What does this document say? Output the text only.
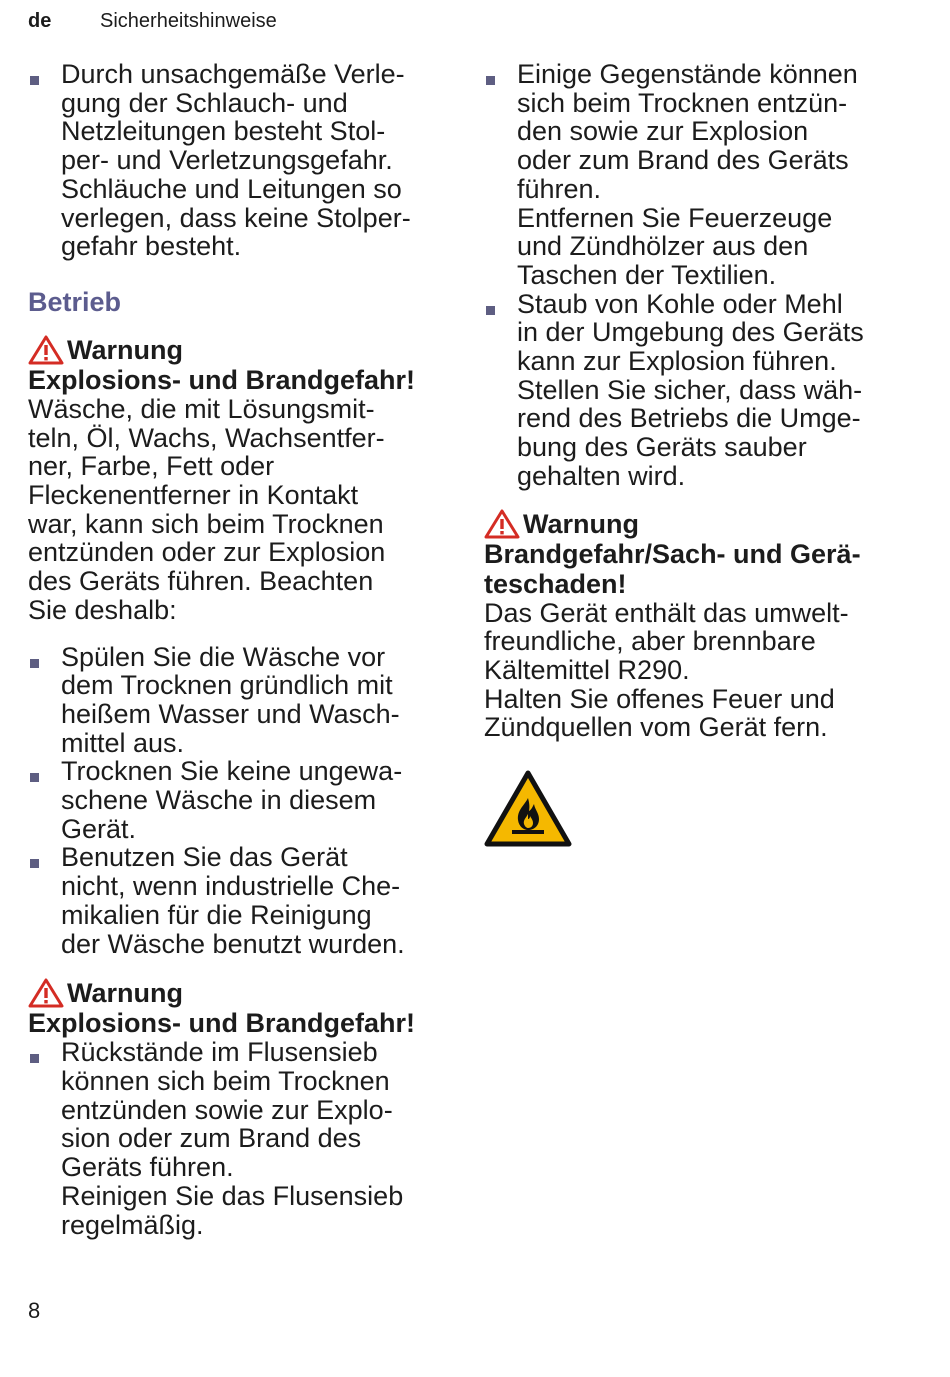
de Sicherheitshinweise
Durch unsachgemäße Verle-
gung der Schlauch- und
Netzleitungen besteht Stol-
per- und Verletzungsgefahr.
Schläuche und Leitungen so
verlegen, dass keine Stolper-
gefahr besteht.
Betrieb
Warnung
Explosions- und Brandgefahr!
Wäsche, die mit Lösungsmit-
teln, Öl, Wachs, Wachsentfer-
ner, Farbe, Fett oder
Fleckenentferner in Kontakt
war, kann sich beim Trocknen
entzünden oder zur Explosion
des Geräts führen. Beachten
Sie deshalb:
Spülen Sie die Wäsche vor
dem Trocknen gründlich mit
heißem Wasser und Wasch-
mittel aus.
Trocknen Sie keine ungewa-
schene Wäsche in diesem
Gerät.
Benutzen Sie das Gerät
nicht, wenn industrielle Che-
mikalien für die Reinigung
der Wäsche benutzt wurden.
Warnung
Explosions- und Brandgefahr!
Rückstände im Flusensieb
können sich beim Trocknen
entzünden sowie zur Explo-
sion oder zum Brand des
Geräts führen.
Reinigen Sie das Flusensieb
regelmäßig.
Einige Gegenstände können
sich beim Trocknen entzün-
den sowie zur Explosion
oder zum Brand des Geräts
führen.
Entfernen Sie Feuerzeuge
und Zündhölzer aus den
Taschen der Textilien.
Staub von Kohle oder Mehl
in der Umgebung des Geräts
kann zur Explosion führen.
Stellen Sie sicher, dass wäh-
rend des Betriebs die Umge-
bung des Geräts sauber
gehalten wird.
Warnung
Brandgefahr/Sach- und Gerä-
teschaden!
Das Gerät enthält das umwelt-
freundliche, aber brennbare
Kältemittel R290.
Halten Sie offenes Feuer und
Zündquellen vom Gerät fern.
8
